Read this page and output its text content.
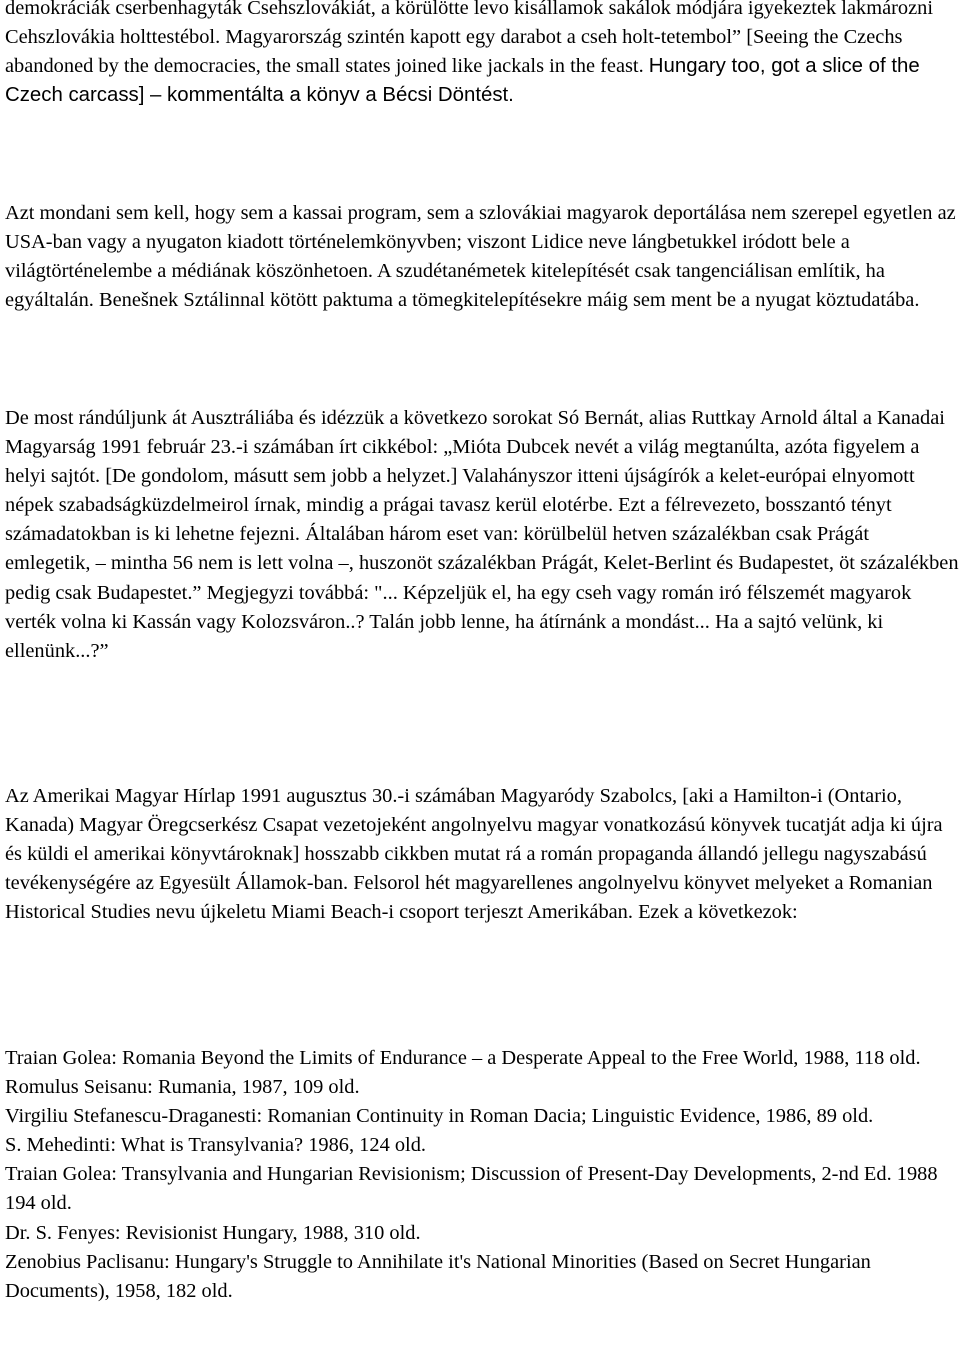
demokráciák cserbenhagyták Csehszlovákiát, a körülötte levo kisállamok sakálok módjára igyekeztek lakmározni Cehszlovákia holttestébol. Magyarország szintén kapott egy darabot a cseh holt-tetembol” [Seeing the Czechs abandoned by the democracies, the small states joined like jackals in the feast. Hungary too, got a slice of the Czech carcass] – kommentálta a könyv a Bécsi Döntést.

Azt mondani sem kell, hogy sem a kassai program, sem a szlovákiai magyarok deportálása nem szerepel egyetlen az USA-ban vagy a nyugaton kiadott történelemkönyvben; viszont Lidice neve lángbetukkel iródott bele a világtörténelembe a médiának köszönhetoen. A szudétanémetek kitelepítését csak tangenciálisan említik, ha egyáltalán. Benešnek Sztálinnal kötött paktuma a tömegkitelepítésekre máig sem ment be a nyugat köztudatába.

De most rándúljunk át Ausztráliába és idézzük a következo sorokat Só Bernát, alias Ruttkay Arnold által a Kanadai Magyarság 1991 február 23.-i számában írt cikkébol: „Mióta Dubcek nevét a világ megtanúlta, azóta figyelem a helyi sajtót. [De gondolom, másutt sem jobb a helyzet.] Valahányszor itteni újságírók a kelet-európai elnyomott népek szabadságküzdelmeirol írnak, mindig a prágai tavasz kerül elotérbe. Ezt a félrevezeto, bosszantó tényt számadatokban is ki lehetne fejezni. Általában három eset van: körülbelül hetven százalékban csak Prágát emlegetik, – mintha 56 nem is lett volna –, huszonöt százalékban Prágát, Kelet-Berlint és Budapestet, öt százalékben pedig csak Budapestet.” Megjegyzi továbbá: "... Képzeljük el, ha egy cseh vagy román iró félszemét magyarok verték volna ki Kassán vagy Kolozsváron..? Talán jobb lenne, ha átírnánk a mondást... Ha a sajtó velünk, ki ellenünk...?”

Az Amerikai Magyar Hírlap 1991 augusztus 30.-i számában Magyaródy Szabolcs, [aki a Hamilton-i (Ontario, Kanada) Magyar Öregcserkész Csapat vezetojeként angolnyelvu magyar vonatkozású könyvek tucatját adja ki újra és küldi el amerikai könyvtároknak] hosszabb cikkben mutat rá a román propaganda állandó jellegu nagyszabású tevékenységére az Egyesült Államok-ban. Felsorol hét magyarellenes angolnyelvu könyvet melyeket a Romanian Historical Studies nevu újkeletu Miami Beach-i csoport terjeszt Amerikában. Ezek a következok:

Traian Golea: Romania Beyond the Limits of Endurance – a Desperate Appeal to the Free World, 1988, 118 old.

Romulus Seisanu: Rumania, 1987, 109 old.

Virgiliu Stefanescu-Draganesti: Romanian Continuity in Roman Dacia; Linguistic Evidence, 1986, 89 old.

S. Mehedinti: What is Transylvania? 1986, 124 old.

Traian Golea: Transylvania and Hungarian Revisionism; Discussion of Present-Day Developments, 2-nd Ed. 1988 194 old.

Dr. S. Fenyes: Revisionist Hungary, 1988, 310 old.

Zenobius Paclisanu: Hungary's Struggle to Annihilate it's National Minorities (Based on Secret Hungarian Documents), 1958, 182 old.
